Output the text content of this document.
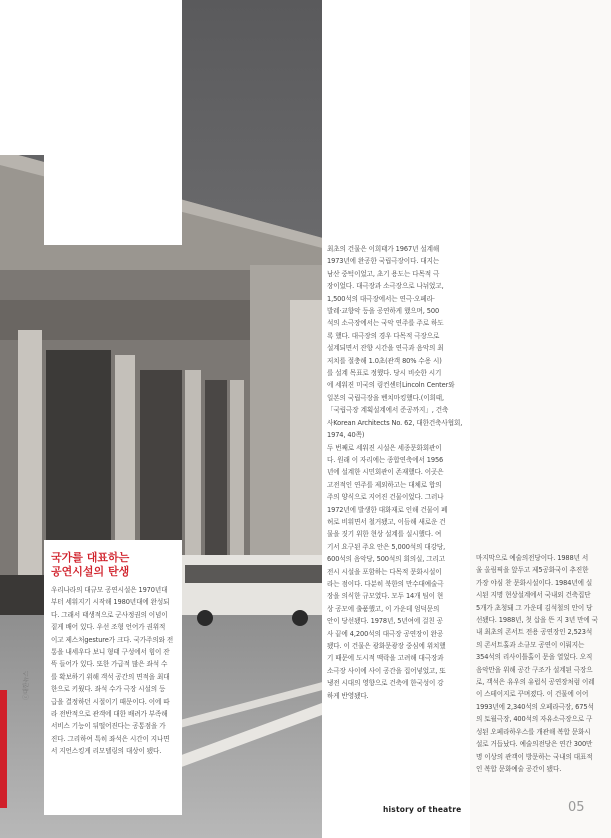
ⓒ대한뉴스
국가를 대표하는
공연시설의 탄생
우리나라의 대규모 공연시설은 1970년대
부터 세워지기 시작해 1980년대에 완성되
다. 그래서 태생적으로 군사정권의 이념이
짙게 배어 있다. 우선 조형 언어가 권위적
이고 제스처gesture가 크다. 국가주의와 전
통을 내세우다 보니 형태 구성에서 힘이 잔
뜩 들어가 있다. 또한 가급적 많은 좌석 수
를 확보하기 위해 객석 공간의 면적을 최대
한으로 키웠다. 좌석 수가 극장 시설의 등
급을 결정하던 시절이기 때문이다. 이에 따
라 전반적으로 관객에 대한 배려가 부족해
서비스 기능이 뒤떨어진다는 공통점을 가
진다. 그리하여 특히 좌석은 시간이 지나면
서 지언스킹게 리모델링의 대상이 됐다.
최초의 건물은 이희태가 1967년 설계해
1973년에 완공한 국립극장이다. 대지는
남산 중턱이었고, 초기 용도는 다목적 극
장이었다. 대극장과 소극장으로 나뉘었고,
1,500석의 대극장에서는 연극·오페라·
발레·교향악 등을 공연하게 했으며, 500
석의 소극장에서는 국악 연주를 주로 하도
록 했다. 대극장의 경우 다목적 극장으로
설계되면서 잔향 시간을 연극과 음악의 최
저치를 절충해 1.0초(관객 80% 수용 시)
를 설계 목표로 정했다. 당시 비슷한 시기
에 세워진 미국의 링컨센터Lincoln Center와
일본의 국립극장을 벤치마킹했다.(이희태,
「국립극장 계획설계에서 준공까지」, 건축
사Korean Architects No. 62, 대한건축사협회,
1974, 40쪽)
두 번째로 세워진 시설은 세종문화회관이
다. 원래 이 자리에는 종합연축에서 1956
년에 설계한 시민회관이 존재했다. 이곳은
고전적인 연주를 제외하고는 대체로 합의
주의 양식으로 지어진 건물이었다. 그러나
1972년에 발생한 대화재로 인해 건물이 폐
허로 비워면서 철거됐고, 이듬해 새로운 건
물을 짓기 위한 현상 설계를 실시했다. 여
기서 요구된 주요 안은 5,000석의 대강당,
600석의 음악당, 500석의 회의실, 그리고
전시 시설을 포함하는 다목적 문화시설이
라는 점이다. 다분히 북한의 만수대예술극
장을 의식한 규모였다. 모두 14개 팀이 현
상 공모에 출품했고, 이 가운데 엄덕문의
안이 당선됐다. 1978년, 5년여에 걸친 공
사 끝에 4,200석의 대극장 공연장이 완공
됐다. 이 건물은 광화문광장 중심에 위치했
기 때문에 도시적 맥락을 고려해 대극장과
소극장 사이에 사이 공간을 집어넣었고, 또
냉전 시대의 영향으로 건축에 한국성이 강
하게 반영됐다.
마지막으로 예술의전당이다. 1988년 서
울 올림픽을 앞두고 제5공화국이 추진한
가장 야심 찬 문화시설이다. 1984년에 실
시된 지명 현상설계에서 국내외 건축집단
5개가 초청돼 그 가운데 김석철의 안이 당
선됐다. 1988년, 첫 삽을 뜬 지 3년 만에 국
내 최초의 콘서트 전용 공연장인 2,523석
의 콘서트홀과 소규모 공연이 이뤄지는
354석의 리사이틀홀이 문을 열었다. 오직
음악만을 위해 공간 구조가 설계된 극장으
로, 객석은 유우의 유럽식 공연장처럼 이레
이 스테이지로 꾸며졌다. 이 건물에 이어
1993년에 2,340석의 오페라극장, 675석
의 토월극장, 400석의 자유소극장으로 구
성된 오페라하우스를 개관해 복합 문화시
설로 거듭났다. 예술의전당은 연간 300만
명 이상의 관객이 방문하는 국내의 대표적
인 복합 문화예술 공간이 됐다.
history of theatre	05
